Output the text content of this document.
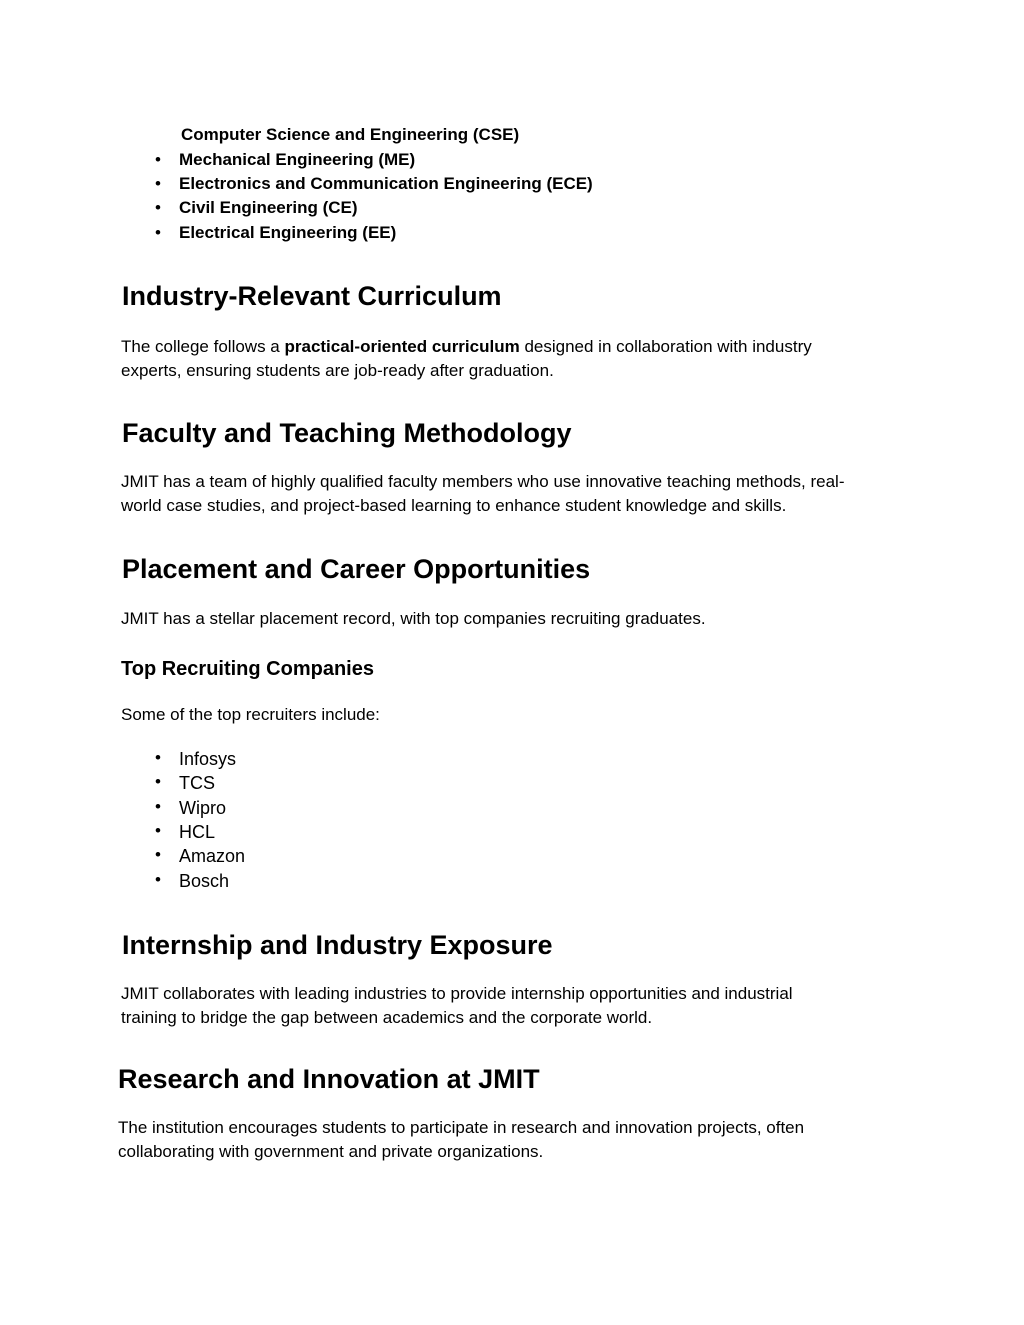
Computer Science and Engineering (CSE)
• Mechanical Engineering (ME)
• Electronics and Communication Engineering (ECE)
• Civil Engineering (CE)
• Electrical Engineering (EE)
Industry-Relevant Curriculum

The college follows a practical-oriented curriculum designed in collaboration with industry experts, ensuring students are job-ready after graduation.

Faculty and Teaching Methodology

JMIT has a team of highly qualified faculty members who use innovative teaching methods, real-world case studies, and project-based learning to enhance student knowledge and skills.

Placement and Career Opportunities

JMIT has a stellar placement record, with top companies recruiting graduates.

Top Recruiting Companies

Some of the top recruiters include:

• Infosys
• TCS
• Wipro
• HCL
• Amazon
• Bosch
Internship and Industry Exposure

JMIT collaborates with leading industries to provide internship opportunities and industrial training to bridge the gap between academics and the corporate world.

Research and Innovation at JMIT

The institution encourages students to participate in research and innovation projects, often collaborating with government and private organizations.
